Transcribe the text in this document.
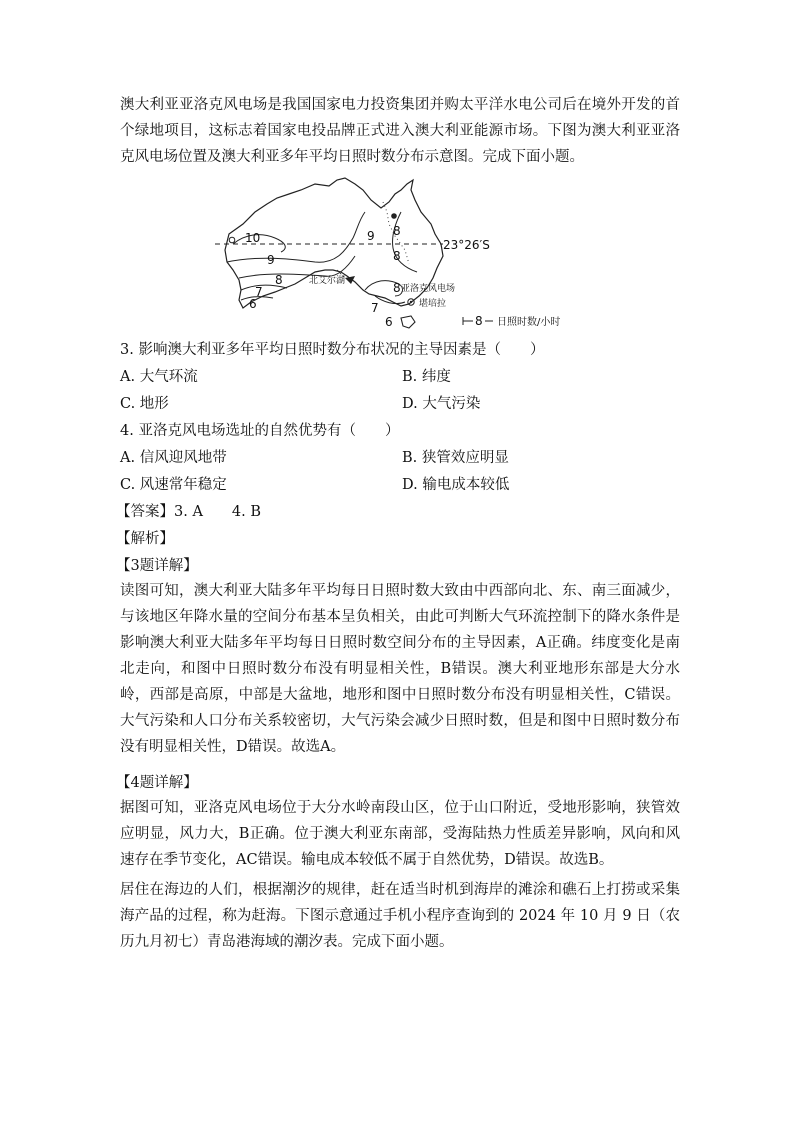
澳大利亚亚洛克风电场是我国国家电力投资集团并购太平洋水电公司后在境外开发的首个绿地项目，这标志着国家电投品牌正式进入澳大利亚能源市场。下图为澳大利亚亚洛克风电场位置及澳大利亚多年平均日照时数分布示意图。完成下面小题。
10	9
9
8
8
8
7
6
8
7
6
23°26′S
北艾尔湖
亚洛克风电场
堪培拉
8 日照时数/小时
3. 影响澳大利亚多年平均日照时数分布状况的主导因素是（　　）
A. 大气环流	B. 纬度
C. 地形	D. 大气污染
4. 亚洛克风电场选址的自然优势有（　　）
A. 信风迎风地带	B. 狭管效应明显
C. 风速常年稳定	D. 输电成本较低
【答案】3. A　　4. B
【解析】
【3题详解】
读图可知，澳大利亚大陆多年平均每日日照时数大致由中西部向北、东、南三面减少，与该地区年降水量的空间分布基本呈负相关，由此可判断大气环流控制下的降水条件是影响澳大利亚大陆多年平均每日日照时数空间分布的主导因素，A正确。纬度变化是南北走向，和图中日照时数分布没有明显相关性，B错误。澳大利亚地形东部是大分水岭，西部是高原，中部是大盆地，地形和图中日照时数分布没有明显相关性，C错误。大气污染和人口分布关系较密切，大气污染会减少日照时数，但是和图中日照时数分布没有明显相关性，D错误。故选A。
【4题详解】
据图可知，亚洛克风电场位于大分水岭南段山区，位于山口附近，受地形影响，狭管效应明显，风力大，B正确。位于澳大利亚东南部，受海陆热力性质差异影响，风向和风速存在季节变化，AC错误。输电成本较低不属于自然优势，D错误。故选B。
居住在海边的人们，根据潮汐的规律，赶在适当时机到海岸的滩涂和礁石上打捞或采集海产品的过程，称为赶海。下图示意通过手机小程序查询到的 2024 年 10 月 9 日（农历九月初七）青岛港海域的潮汐表。完成下面小题。
